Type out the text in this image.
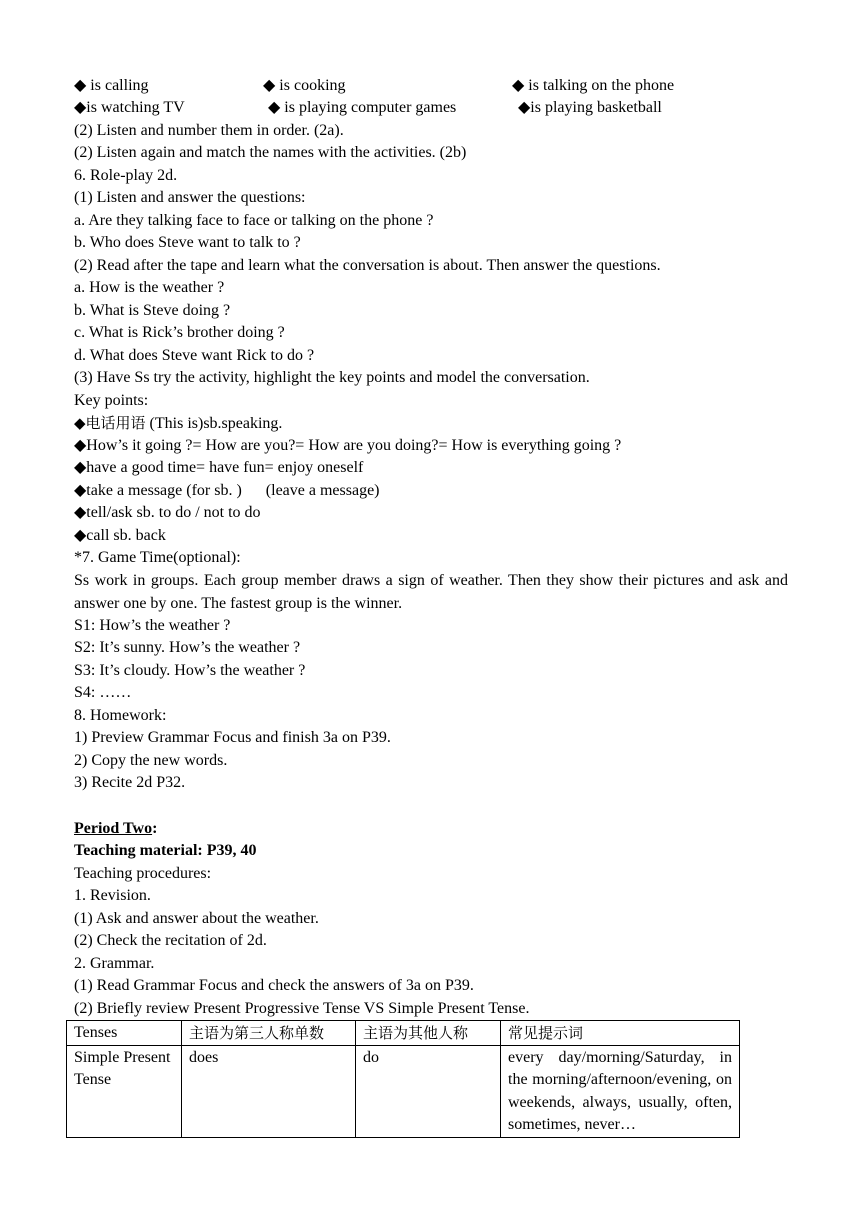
◆ is calling	◆ is cooking	◆ is talking on the phone
◆is watching TV	◆ is playing computer games	◆is playing basketball
(2) Listen and number them in order. (2a).
(2) Listen again and match the names with the activities. (2b)
6. Role-play 2d.
(1) Listen and answer the questions:
a. Are they talking face to face or talking on the phone ?
b. Who does Steve want to talk to ?
(2) Read after the tape and learn what the conversation is about. Then answer the questions.
a. How is the weather ?
b. What is Steve doing ?
c. What is Rick’s brother doing ?
d. What does Steve want Rick to do ?
(3) Have Ss try the activity, highlight the key points and model the conversation.
Key points:
◆电话用语 (This is)sb.speaking.
◆How’s it going ?= How are you?= How are you doing?= How is everything going ?
◆have a good time= have fun= enjoy oneself
◆take a message (for sb. )      (leave a message)
◆tell/ask sb. to do / not to do
◆call sb. back
*7. Game Time(optional):
Ss work in groups. Each group member draws a sign of weather. Then they show their pictures and ask and answer one by one. The fastest group is the winner.
S1: How’s the weather ?
S2: It’s sunny. How’s the weather ?
S3: It’s cloudy. How’s the weather ?
S4: ……
8. Homework:
1) Preview Grammar Focus and finish 3a on P39.
2) Copy the new words.
3) Recite 2d P32.
Period Two:
Teaching material: P39, 40
Teaching procedures:
1. Revision.
(1) Ask and answer about the weather.
(2) Check the recitation of 2d.
2. Grammar.
(1) Read Grammar Focus and check the answers of 3a on P39.
(2) Briefly review Present Progressive Tense VS Simple Present Tense.
Tenses	主语为第三人称单数	主语为其他人称	常见提示词
Simple Present Tense	does	do	every day/morning/Saturday, in the morning/afternoon/evening, on weekends, always, usually, often, sometimes, never…
